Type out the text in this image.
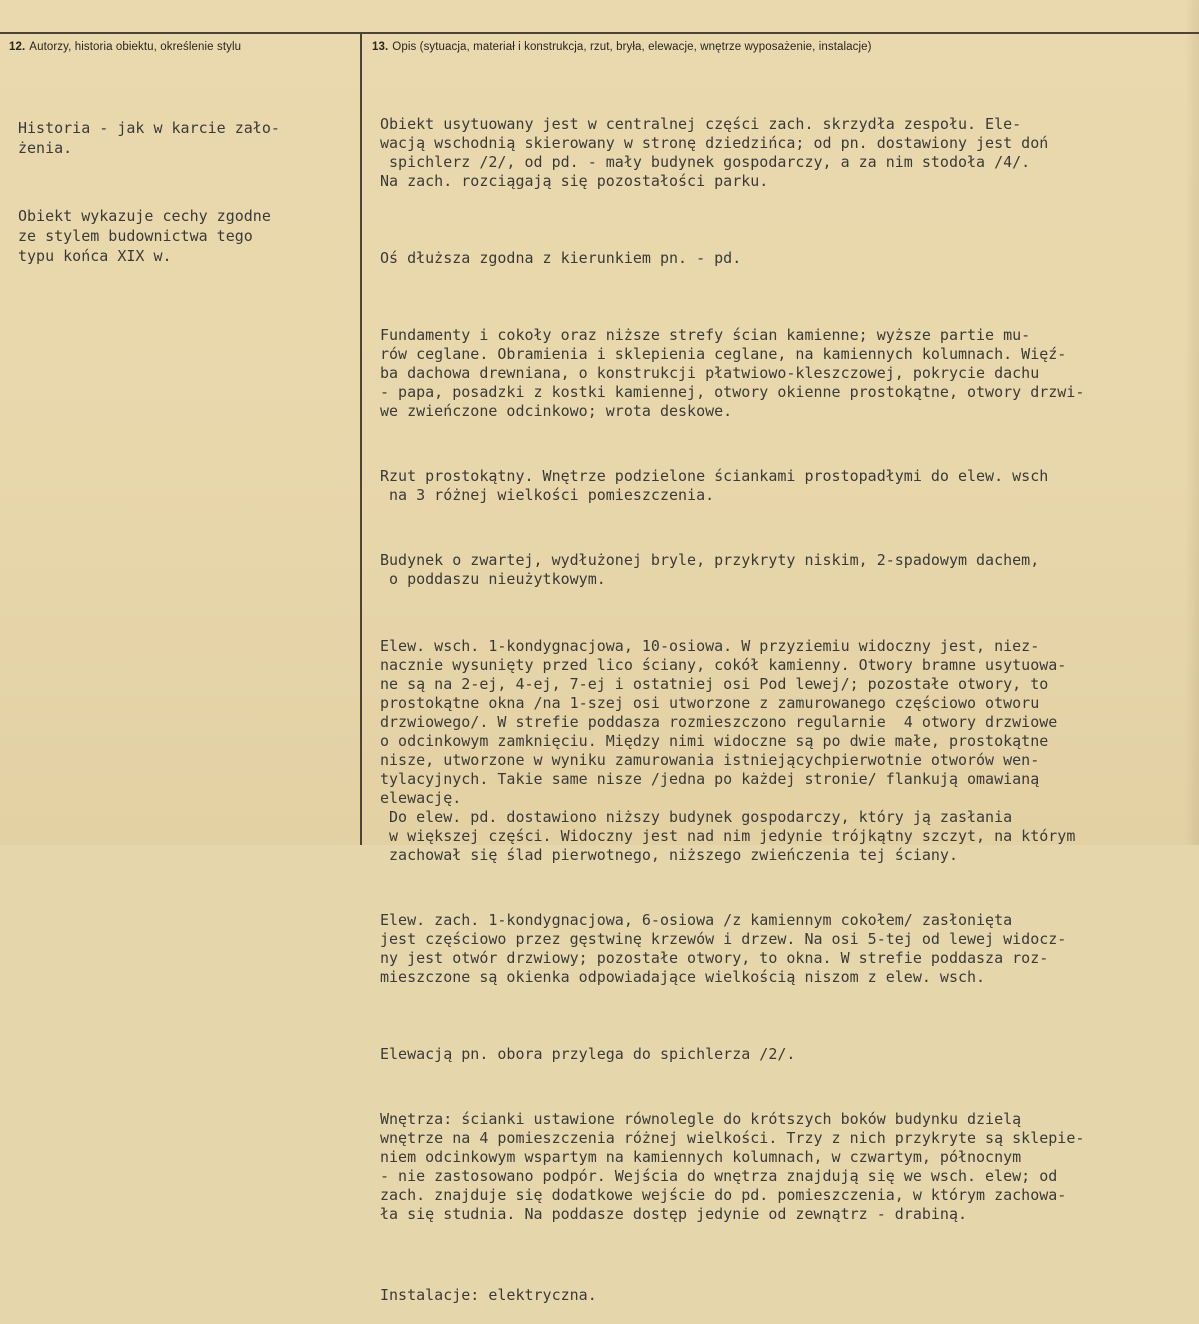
12. Autorzy, historia obiektu, określenie stylu	13. Opis (sytuacja, materiał i konstrukcja, rzut, bryła, elewacje, wnętrze wyposażenie, instalacje)

Historia - jak w karcie zało-
żenia.

Obiekt wykazuje cechy zgodne
ze stylem budownictwa tego
typu końca XIX w.

Obiekt usytuowany jest w centralnej części zach. skrzydła zespołu. Ele-
wacją wschodnią skierowany w stronę dziedzińca; od pn. dostawiony jest doń
spichlerz /2/, od pd. - mały budynek gospodarczy, a za nim stodoła /4/.
Na zach. rozciągają się pozostałości parku.

Oś dłuższa zgodna z kierunkiem pn. - pd.

Fundamenty i cokoły oraz niższe strefy ścian kamienne; wyższe partie mu-
rów ceglane. Obramienia i sklepienia ceglane, na kamiennych kolumnach. Więź-
ba dachowa drewniana, o konstrukcji płatwiowo-kleszczowej, pokrycie dachu
- papa, posadzki z kostki kamiennej, otwory okienne prostokątne, otwory drzwi-
we zwieńczone odcinkowo; wrota deskowe.

Rzut prostokątny. Wnętrze podzielone ściankami prostopadłymi do elew. wsch
na 3 różnej wielkości pomieszczenia.

Budynek o zwartej, wydłużonej bryle, przykryty niskim, 2-spadowym dachem,
o poddaszu nieużytkowym.

Elew. wsch. 1-kondygnacjowa, 10-osiowa. W przyziemiu widoczny jest, niez-
nacznie wysunięty przed lico ściany, cokół kamienny. Otwory bramne usytuowa-
ne są na 2-ej, 4-ej, 7-ej i ostatniej osi Pod lewej/; pozostałe otwory, to
prostokątne okna /na 1-szej osi utworzone z zamurowanego częściowo otworu
drzwiowego/. W strefie poddasza rozmieszczono regularnie  4 otwory drzwiowe
o odcinkowym zamknięciu. Między nimi widoczne są po dwie małe, prostokątne
nisze, utworzone w wyniku zamurowania istniejącychpierwotnie otworów wen-
tylacyjnych. Takie same nisze /jedna po każdej stronie/ flankują omawianą
elewację.
Do elew. pd. dostawiono niższy budynek gospodarczy, który ją zasłania
w większej części. Widoczny jest nad nim jedynie trójkątny szczyt, na którym
zachował się ślad pierwotnego, niższego zwieńczenia tej ściany.

Elew. zach. 1-kondygnacjowa, 6-osiowa /z kamiennym cokołem/ zasłonięta
jest częściowo przez gęstwinę krzewów i drzew. Na osi 5-tej od lewej widocz-
ny jest otwór drzwiowy; pozostałe otwory, to okna. W strefie poddasza roz-
mieszczone są okienka odpowiadające wielkością niszom z elew. wsch.

Elewacją pn. obora przylega do spichlerza /2/.

Wnętrza: ścianki ustawione równolegle do krótszych boków budynku dzielą
wnętrze na 4 pomieszczenia różnej wielkości. Trzy z nich przykryte są sklepie-
niem odcinkowym wspartym na kamiennych kolumnach, w czwartym, północnym
- nie zastosowano podpór. Wejścia do wnętrza znajdują się we wsch. elew; od
zach. znajduje się dodatkowe wejście do pd. pomieszczenia, w którym zachowa-
ła się studnia. Na poddasze dostęp jedynie od zewnątrz - drabiną.

Instalacje: elektryczna.
